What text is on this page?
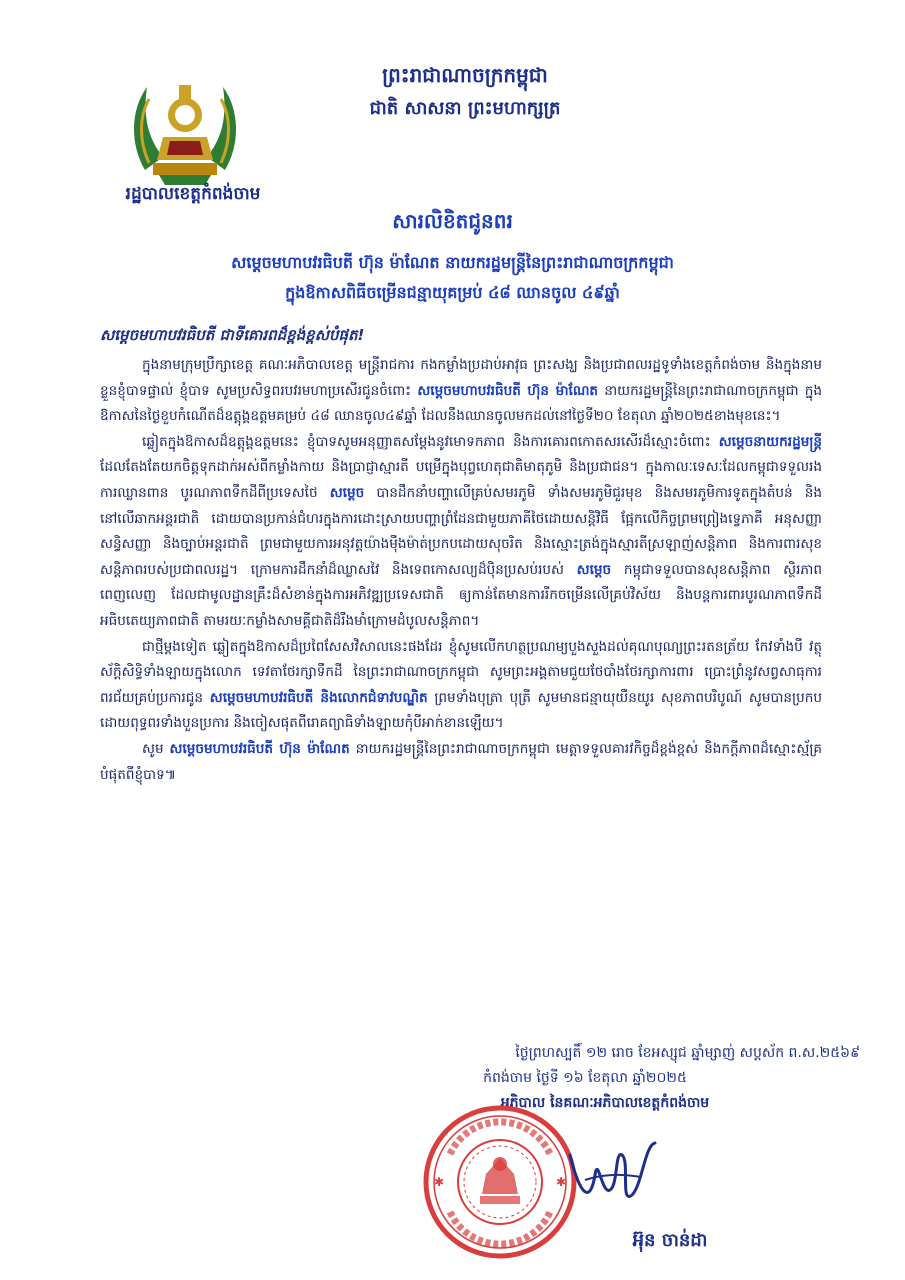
រដ្ឋបាលខេត្តកំពង់ចាម
ព្រះរាជាណាចក្រកម្ពុជា
ជាតិ សាសនា ព្រះមហាក្សត្រ
សារលិខិតជូនពរ
សម្តេចមហាបវរធិបតី ហ៊ុន ម៉ាណែត នាយករដ្ឋមន្ត្រីនៃព្រះរាជាណាចក្រកម្ពុជា
ក្នុងឱកាសពិធីចម្រើនជន្មាយុគម្រប់ ៤៨ ឈានចូល ៤៩ឆ្នាំ
សម្តេចមហាបវរធិបតី ជាទីគោរពដ៏ខ្ពង់ខ្ពស់បំផុត!

ក្នុងនាមក្រុមប្រឹក្សាខេត្ត គណៈអភិបាលខេត្ត មន្ត្រីរាជការ កងកម្លាំងប្រដាប់អាវុធ ព្រះសង្ឃ និងប្រជាពលរដ្ឋទូទាំងខេត្តកំពង់ចាម និងក្នុងនាមខ្លួនខ្ញុំបាទផ្ទាល់ ខ្ញុំបាទ សូមប្រសិទ្ធពរបវរមហាប្រសើរជូនចំពោះ សម្តេចមហាបវរធិបតី ហ៊ុន ម៉ាណែត នាយករដ្ឋមន្ត្រីនៃព្រះរាជាណាចក្រកម្ពុជា ក្នុងឱកាសនៃថ្ងៃខួបកំណើតដ៏ឧត្តុង្គឧត្តមគម្រប់ ៤៨ ឈានចូល៤៩ឆ្នាំ ដែលនឹងឈានចូលមកដល់នៅថ្ងៃទី២០ ខែតុលា ឆ្នាំ២០២៥ខាងមុខនេះ។

ឆ្លៀតក្នុងឱកាសដ៏ឧត្តុង្គឧត្តមនេះ ខ្ញុំបាទសូមអនុញ្ញាតសម្តែងនូវមោទកភាព និងការគោរពកោតសរសើរដ៏ស្មោះចំពោះ សម្តេចនាយករដ្ឋមន្ត្រី ដែលតែងតែយកចិត្តទុកដាក់អស់ពីកម្លាំងកាយ និងប្រាជ្ញាស្មារតី បម្រើក្នុងបុព្វហេតុជាតិមាតុភូមិ និងប្រជាជន។ ក្នុងកាលៈទេសៈដែលកម្ពុជាទទួលរងការឈ្លានពាន បូរណភាពទឹកដីពីប្រទេសថៃ សម្តេច បានដឹកនាំបញ្ហាលើគ្រប់សមរភូមិ ទាំងសមរភូមិជួរមុខ និងសមរភូមិការទូតក្នុងតំបន់ និងនៅលើឆាកអន្តរជាតិ ដោយបានប្រកាន់ជំហរក្នុងការដោះស្រាយបញ្ហាព្រំដែនជាមួយភាគីថៃដោយសន្តិវិធី ផ្អែកលើកិច្ចព្រមព្រៀងទ្វេភាគី អនុសញ្ញា សន្ធិសញ្ញា និងច្បាប់អន្តរជាតិ ព្រមជាមួយការអនុវត្តយ៉ាងម៉ឺងម៉ាត់ប្រកបដោយសុចរិត និងស្មោះត្រង់ក្នុងស្មារតីស្រឡាញ់សន្តិភាព និងការពារសុខសន្តិភាពរបស់ប្រជាពលរដ្ឋ។ ក្រោមការដឹកនាំដ៏ឈ្លាសវៃ និងទេពកោសល្យដ៏ប៉ិនប្រសប់របស់ សម្តេច កម្ពុជាទទួលបានសុខសន្តិភាព ស្ថិរភាពពេញលេញ ដែលជាមូលដ្ឋានគ្រឹះដ៏សំខាន់ក្នុងការអភិវឌ្ឍប្រទេសជាតិ ឲ្យកាន់តែមានការរីកចម្រើនលើគ្រប់វិស័យ និងបន្តការពារបូរណភាពទឹកដី អធិបតេយ្យភាពជាតិ តាមរយៈកម្លាំងសាមគ្គីជាតិដ៏រឹងមាំក្រោមដំបូលសន្តិភាព។

ជាថ្មីម្តងទៀត ឆ្លៀតក្នុងឱកាសដ៏ប្រពៃសែសវិសាលនេះផងដែរ ខ្ញុំសូមលើកហត្ថប្រណម្យបួងសួងដល់គុណបុណ្យព្រះរតនត្រ័យ កែវទាំងបី វត្ថុស័ក្តិសិទ្ធិទាំងឡាយក្នុងលោក ទេវតាថែរក្សាទឹកដី នៃព្រះរាជាណាចក្រកម្ពុជា សូមព្រះអង្គតាមជួយថែបាំងថែរក្សាការពារ ប្រោះព្រំនូវសព្វសាធុការពរជ័យគ្រប់ប្រការជូន សម្តេចមហាបវរធិបតី និងលោកជំទាវបណ្ឌិត ព្រមទាំងបុត្រា បុត្រី សូមមានជន្មាយុយឺនយូរ សុខភាពបរិបូណ៍ សូមបានប្រកបដោយពុទ្ធពរទាំងបួនប្រការ និងចៀសផុតពីរោគព្យាធិទាំងឡាយកុំបីអាក់ខានឡើយ។

សូម សម្តេចមហាបវរធិបតី ហ៊ុន ម៉ាណែត នាយករដ្ឋមន្ត្រីនៃព្រះរាជាណាចក្រកម្ពុជា មេត្តាទទួលគារវកិច្ចដ៏ខ្ពង់ខ្ពស់ និងកក្តីភាពដ៏ស្មោះស្ម័គ្របំផុតពីខ្ញុំបាទ៕

ថ្ងៃព្រហស្បតិ៍ ១២ រោច ខែអស្សុជ ឆ្នាំម្សាញ់ សប្តស័ក ព.ស.២៥៦៩
កំពង់ចាម ថ្ងៃទី ១៦ ខែតុលា ឆ្នាំ២០២៥
អភិបាល នៃគណៈអភិបាលខេត្តកំពង់ចាម
✱	✱
អ៊ុន ចាន់ដា
